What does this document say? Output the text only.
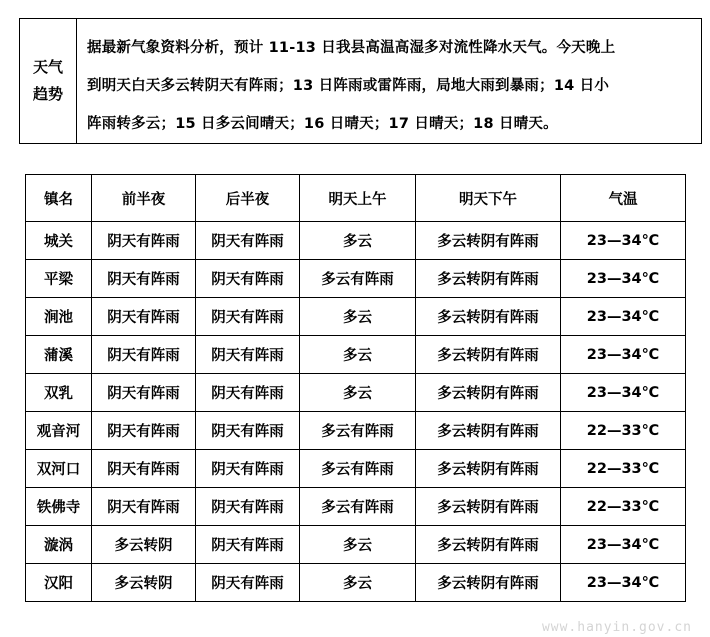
天气
趋势

据最新气象资料分析，预计 11-13 日我县高温高湿多对流性降水天气。今天晚上
到明天白天多云转阴天有阵雨；13 日阵雨或雷阵雨，局地大雨到暴雨；14 日小
阵雨转多云；15 日多云间晴天；16 日晴天；17 日晴天；18 日晴天。
镇名	前半夜	后半夜	明天上午	明天下午	气温
城关	阴天有阵雨	阴天有阵雨	多云	多云转阴有阵雨	23—34℃
平梁	阴天有阵雨	阴天有阵雨	多云有阵雨	多云转阴有阵雨	23—34℃
涧池	阴天有阵雨	阴天有阵雨	多云	多云转阴有阵雨	23—34℃
蒲溪	阴天有阵雨	阴天有阵雨	多云	多云转阴有阵雨	23—34℃
双乳	阴天有阵雨	阴天有阵雨	多云	多云转阴有阵雨	23—34℃
观音河	阴天有阵雨	阴天有阵雨	多云有阵雨	多云转阴有阵雨	22—33℃
双河口	阴天有阵雨	阴天有阵雨	多云有阵雨	多云转阴有阵雨	22—33℃
铁佛寺	阴天有阵雨	阴天有阵雨	多云有阵雨	多云转阴有阵雨	22—33℃
漩涡	多云转阴	阴天有阵雨	多云	多云转阴有阵雨	23—34℃
汉阳	多云转阴	阴天有阵雨	多云	多云转阴有阵雨	23—34℃
www.hanyin.gov.cn
